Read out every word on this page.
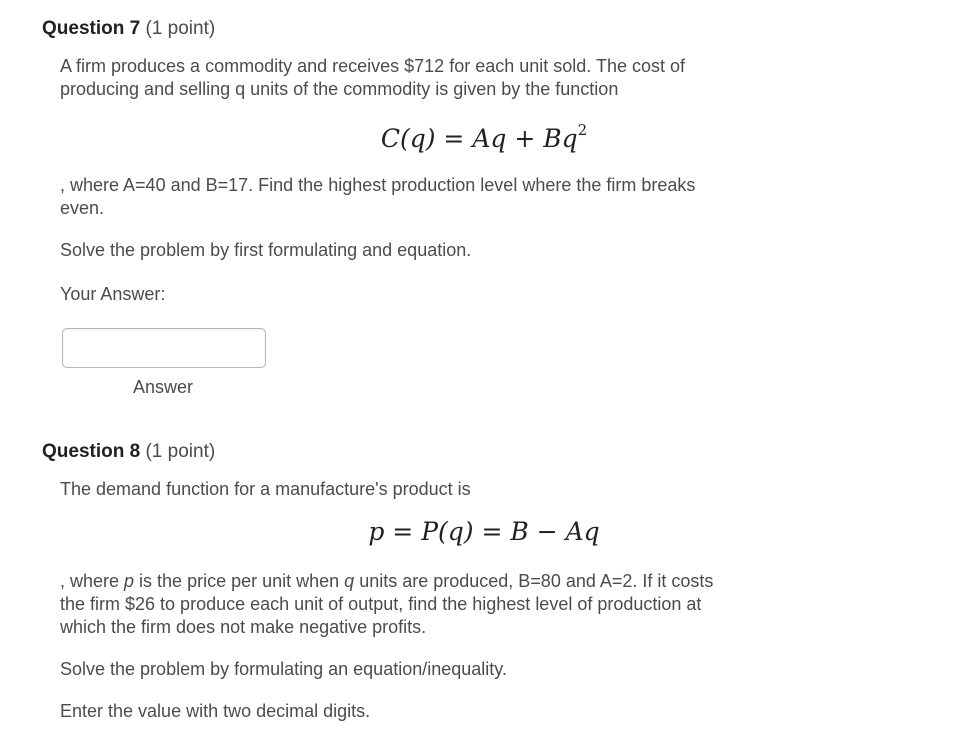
Question 7 (1 point)
A firm produces a commodity and receives $712 for each unit sold. The cost of
producing and selling q units of the commodity is given by the function
$C(q) = Aq + Bq^2$
, where A=40 and B=17. Find the highest production level where the firm breaks
even.
Solve the problem by first formulating and equation.
Your Answer:
Answer
Question 8 (1 point)
The demand function for a manufacture's product is
p = P(q) = B − Aq
, where p is the price per unit when q units are produced, B=80 and A=2. If it costs
the firm $26 to produce each unit of output, find the highest level of production at
which the firm does not make negative profits.
Solve the problem by formulating an equation/inequality.
Enter the value with two decimal digits.
